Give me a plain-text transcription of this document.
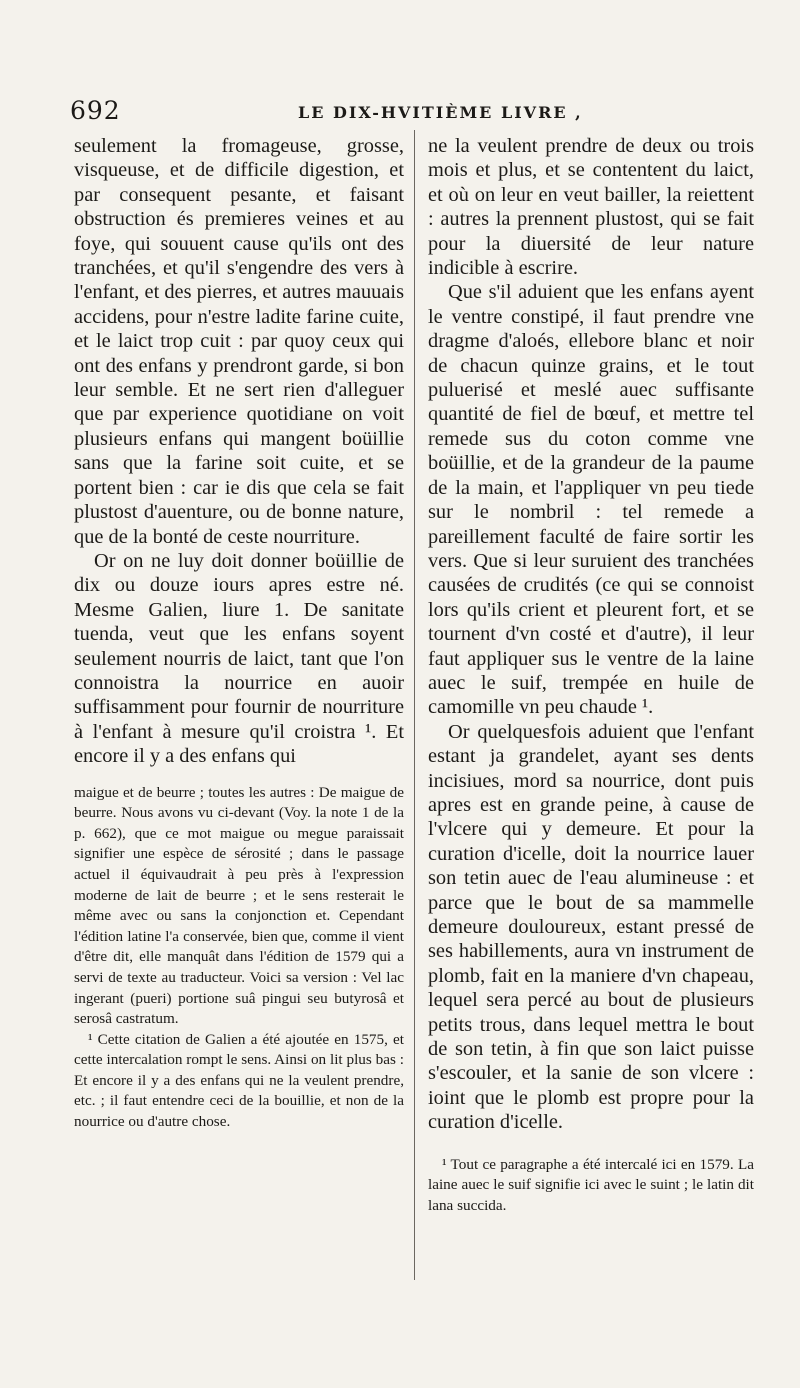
692	LE DIX-HVITIÈME LIVRE ,

seulement la fromageuse, grosse, visqueuse, et de difficile digestion, et par consequent pesante, et faisant obstruction és premieres veines et au foye, qui souuent cause qu'ils ont des tranchées, et qu'il s'engendre des vers à l'enfant, et des pierres, et autres mauuais accidens, pour n'estre ladite farine cuite, et le laict trop cuit : par quoy ceux qui ont des enfans y prendront garde, si bon leur semble. Et ne sert rien d'alleguer que par experience quotidiane on voit plusieurs enfans qui mangent boüillie sans que la farine soit cuite, et se portent bien : car ie dis que cela se fait plustost d'auenture, ou de bonne nature, que de la bonté de ceste nourriture.

Or on ne luy doit donner boüillie de dix ou douze iours apres estre né. Mesme Galien, liure 1. De sanitate tuenda, veut que les enfans soyent seulement nourris de laict, tant que l'on connoistra la nourrice en auoir suffisamment pour fournir de nourriture à l'enfant à mesure qu'il croistra ¹. Et encore il y a des enfans qui

maigue et de beurre ; toutes les autres : De maigue de beurre. Nous avons vu ci-devant (Voy. la note 1 de la p. 662), que ce mot maigue ou megue paraissait signifier une espèce de sérosité ; dans le passage actuel il équivaudrait à peu près à l'expression moderne de lait de beurre ; et le sens resterait le même avec ou sans la conjonction et. Cependant l'édition latine l'a conservée, bien que, comme il vient d'être dit, elle manquât dans l'édition de 1579 qui a servi de texte au traducteur. Voici sa version : Vel lac ingerant (pueri) portione suâ pingui seu butyrosâ et serosâ castratum.

¹ Cette citation de Galien a été ajoutée en 1575, et cette intercalation rompt le sens. Ainsi on lit plus bas : Et encore il y a des enfans qui ne la veulent prendre, etc. ; il faut entendre ceci de la bouillie, et non de la nourrice ou d'autre chose.

ne la veulent prendre de deux ou trois mois et plus, et se contentent du laict, et où on leur en veut bailler, la reiettent : autres la prennent plustost, qui se fait pour la diuersité de leur nature indicible à escrire.

Que s'il aduient que les enfans ayent le ventre constipé, il faut prendre vne dragme d'aloés, ellebore blanc et noir de chacun quinze grains, et le tout puluerisé et meslé auec suffisante quantité de fiel de bœuf, et mettre tel remede sus du coton comme vne boüillie, et de la grandeur de la paume de la main, et l'appliquer vn peu tiede sur le nombril : tel remede a pareillement faculté de faire sortir les vers. Que si leur suruient des tranchées causées de crudités (ce qui se connoist lors qu'ils crient et pleurent fort, et se tournent d'vn costé et d'autre), il leur faut appliquer sus le ventre de la laine auec le suif, trempée en huile de camomille vn peu chaude ¹.

Or quelquesfois aduient que l'enfant estant ja grandelet, ayant ses dents incisiues, mord sa nourrice, dont puis apres est en grande peine, à cause de l'vlcere qui y demeure. Et pour la curation d'icelle, doit la nourrice lauer son tetin auec de l'eau alumineuse : et parce que le bout de sa mammelle demeure douloureux, estant pressé de ses habillements, aura vn instrument de plomb, fait en la maniere d'vn chapeau, lequel sera percé au bout de plusieurs petits trous, dans lequel mettra le bout de son tetin, à fin que son laict puisse s'escouler, et la sanie de son vlcere : ioint que le plomb est propre pour la curation d'icelle.

¹ Tout ce paragraphe a été intercalé ici en 1579. La laine auec le suif signifie ici avec le suint ; le latin dit lana succida.
